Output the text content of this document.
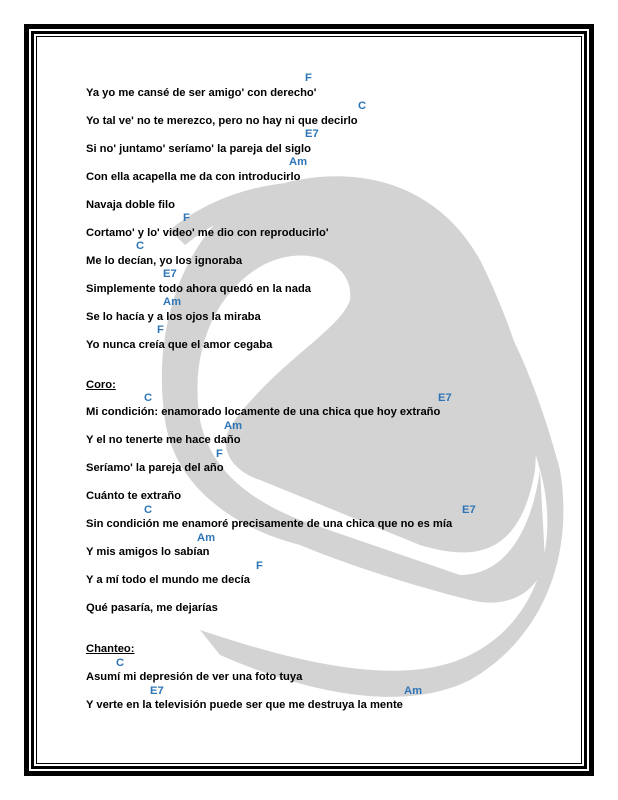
F
Ya yo me cansé de ser amigo' con derecho'
C
Yo tal ve' no te merezco, pero no hay ni que decirlo
E7
Si no' juntamo' seríamo' la pareja del siglo
Am
Con ella acapella me da con introducirlo
Navaja doble filo
F
Cortamo' y lo' video' me dio con reproducirlo'
C
Me lo decían, yo los ignoraba
E7
Simplemente todo ahora quedó en la nada
Am
Se lo hacía y a los ojos la miraba
F
Yo nunca creía que el amor cegaba
Coro:
C	E7
Mi condición: enamorado locamente de una chica que hoy extraño
Am
Y el no tenerte me hace daño
F
Seríamo' la pareja del año
Cuánto te extraño
C	E7
Sin condición me enamoré precisamente de una chica que no es mía
Am
Y mis amigos lo sabían
F
Y a mí todo el mundo me decía
Qué pasaría, me dejarías
Chanteo:
C
Asumí mi depresión de ver una foto tuya
E7	Am
Y verte en la televisión puede ser que me destruya la mente
